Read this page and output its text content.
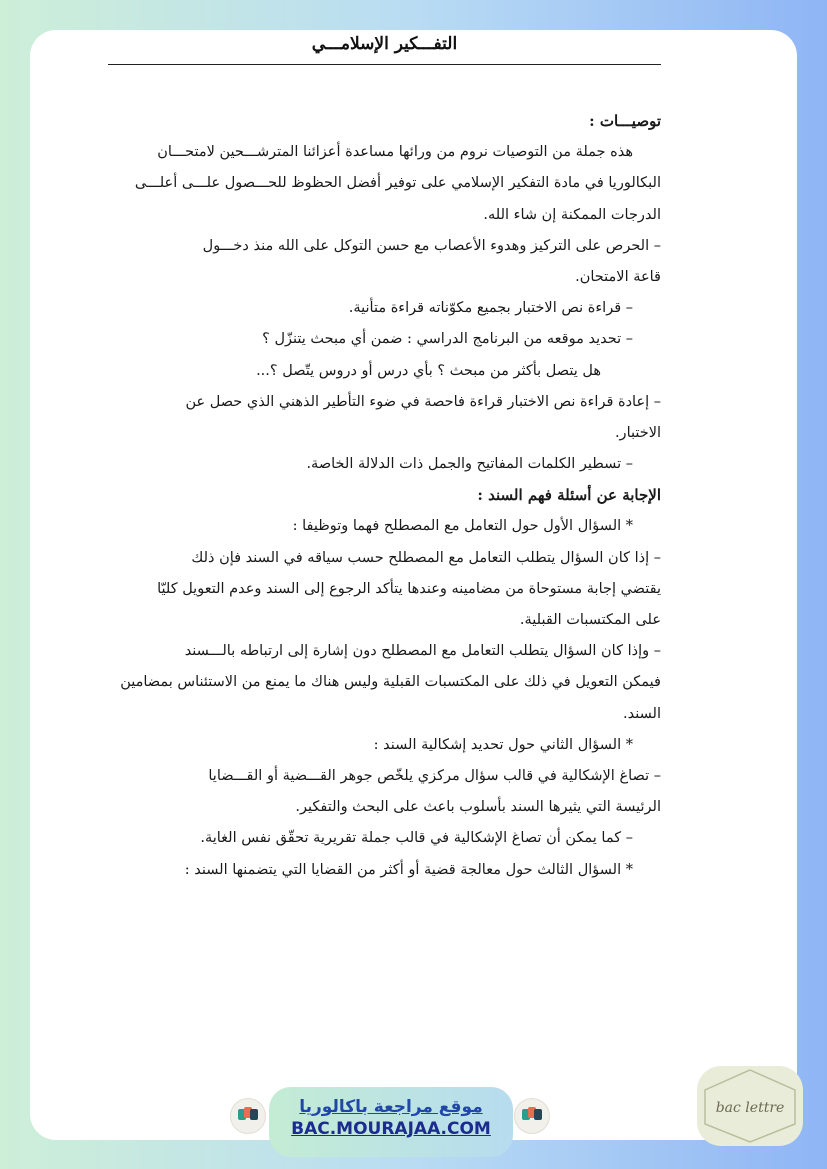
التفـــكير الإسلامـــي
توصيـــات :
هذه جملة من التوصيات نروم من ورائها مساعدة أعزائنا المترشـــحين لامتحـــان
البكالوريا في مادة التفكير الإسلامي على توفير أفضل الحظوظ للحـــصول علـــى أعلـــى
الدرجات الممكنة إن شاء الله.
– الحرص على التركيز وهدوء الأعصاب مع حسن التوكل على الله منذ دخـــول
قاعة الامتحان.
– قراءة نص الاختبار بجميع مكوّناته قراءة متأنية.
– تحديد موقعه من البرنامج الدراسي : ضمن أي مبحث يتنزّل ؟
هل يتصل بأكثر من مبحث ؟ بأي درس أو دروس يتّصل ؟...
– إعادة قراءة نص الاختبار قراءة فاحصة في ضوء التأطير الذهني الذي حصل عن
الاختبار.
– تسطير الكلمات المفاتيح والجمل ذات الدلالة الخاصة.
الإجابة عن أسئلة فهم السند :
* السؤال الأول حول التعامل مع المصطلح فهما وتوظيفا :
– إذا كان السؤال يتطلب التعامل مع المصطلح حسب سياقه في السند فإن ذلك
يقتضي إجابة مستوحاة من مضامينه وعندها يتأكد الرجوع إلى السند وعدم التعويل كليّا
على المكتسبات القبلية.
– وإذا كان السؤال يتطلب التعامل مع المصطلح دون إشارة إلى ارتباطه بالـــسند
فيمكن التعويل في ذلك على المكتسبات القبلية وليس هناك ما يمنع من الاستئناس بمضامين
السند.
* السؤال الثاني حول تحديد إشكالية السند :
– تصاغ الإشكالية في قالب سؤال مركزي يلخّص جوهر القـــضية أو القـــضايا
الرئيسة التي يثيرها السند بأسلوب باعث على البحث والتفكير.
– كما يمكن أن تصاغ الإشكالية في قالب جملة تقريرية تحقّق نفس الغاية.
* السؤال الثالث حول معالجة قضية أو أكثر من القضايا التي يتضمنها السند :
موقع مراجعة باكالوريا
BAC.MOURAJAA.COM
bac lettre
